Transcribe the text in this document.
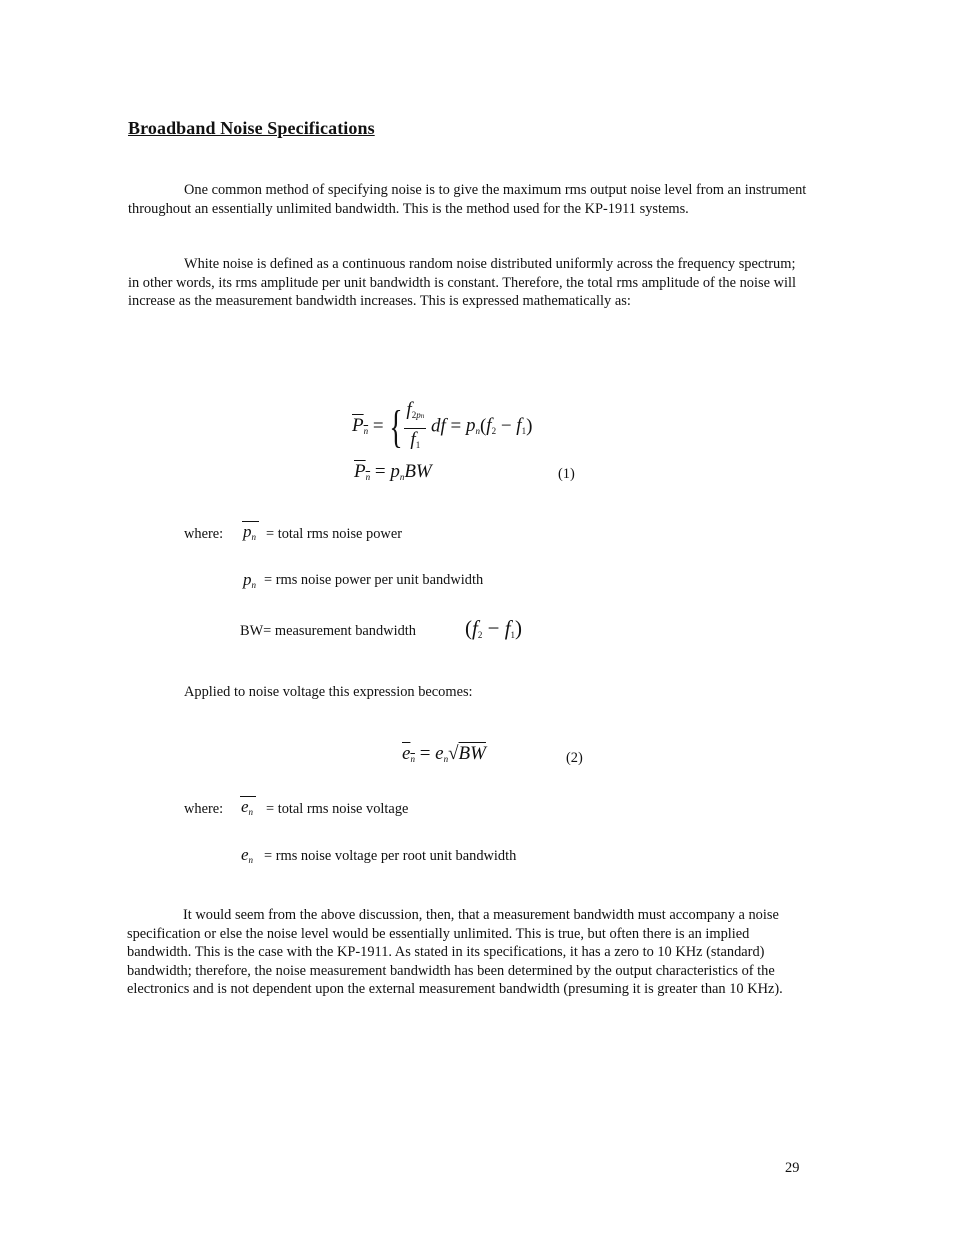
Broadband Noise Specifications

One common method of specifying noise is to give the maximum rms output noise level from an instrument throughout an essentially unlimited bandwidth. This is the method used for the KP-1911 systems.

White noise is defined as a continuous random noise distributed uniformly across the frequency spectrum; in other words, its rms amplitude per unit bandwidth is constant. Therefore, the total rms amplitude of the noise will increase as the measurement bandwidth increases. This is expressed mathematically as:

Pn = { $\frac{f_{2pn}}{f_1}$ df = $pn(f_2 - f_1)$
Pn = pnBW	(1)
where: pn = total rms noise power
pn = rms noise power per unit bandwidth
BW= measurement bandwidth $(f_2 - f_1)$

Applied to noise voltage this expression becomes:

en = en√BW	(2)
where: en = total rms noise voltage
en = rms noise voltage per root unit bandwidth

It would seem from the above discussion, then, that a measurement bandwidth must accompany a noise specification or else the noise level would be essentially unlimited. This is true, but often there is an implied bandwidth. This is the case with the KP-1911. As stated in its specifications, it has a zero to 10 KHz (standard) bandwidth; therefore, the noise measurement bandwidth has been determined by the output characteristics of the electronics and is not dependent upon the external measurement bandwidth (presuming it is greater than 10 KHz).

29
